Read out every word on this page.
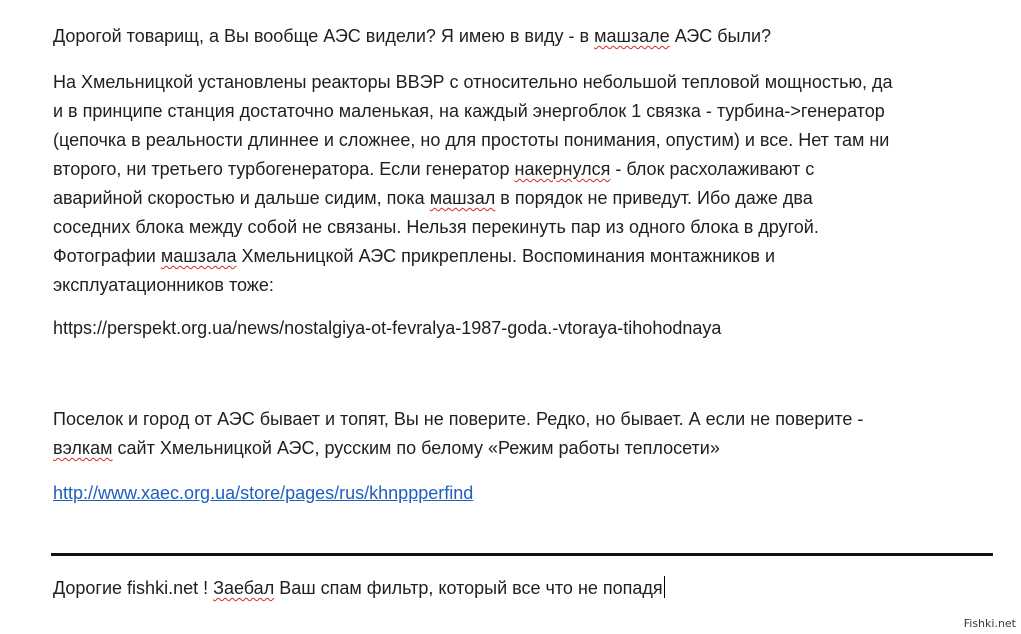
Дорогой товарищ, а Вы вообще АЭС видели? Я имею в виду - в машзале АЭС были?

На Хмельницкой установлены реакторы ВВЭР с относительно небольшой тепловой мощностью, да
и в принципе станция достаточно маленькая, на каждый энергоблок 1 связка - турбина->генератор
(цепочка в реальности длиннее и сложнее, но для простоты понимания, опустим) и все. Нет там ни
второго, ни третьего турбогенератора. Если генератор накернулся - блок расхолаживают с
аварийной скоростью и дальше сидим, пока машзал в порядок не приведут. Ибо даже два
соседних блока между собой не связаны. Нельзя перекинуть пар из одного блока в другой.
Фотографии машзала Хмельницкой АЭС прикреплены. Воспоминания монтажников и
эксплуатационников тоже:

https://perspekt.org.ua/news/nostalgiya-ot-fevralya-1987-goda.-vtoraya-tihohodnaya

Поселок и город от АЭС бывает и топят, Вы не поверите. Редко, но бывает. А если не поверите -
вэлкам сайт Хмельницкой АЭС, русским по белому «Режим работы теплосети»

http://www.xaec.org.ua/store/pages/rus/khnppperfind

Дорогие fishki.net ! Заебал Ваш спам фильтр, который все что не попадя

Fishki.net
